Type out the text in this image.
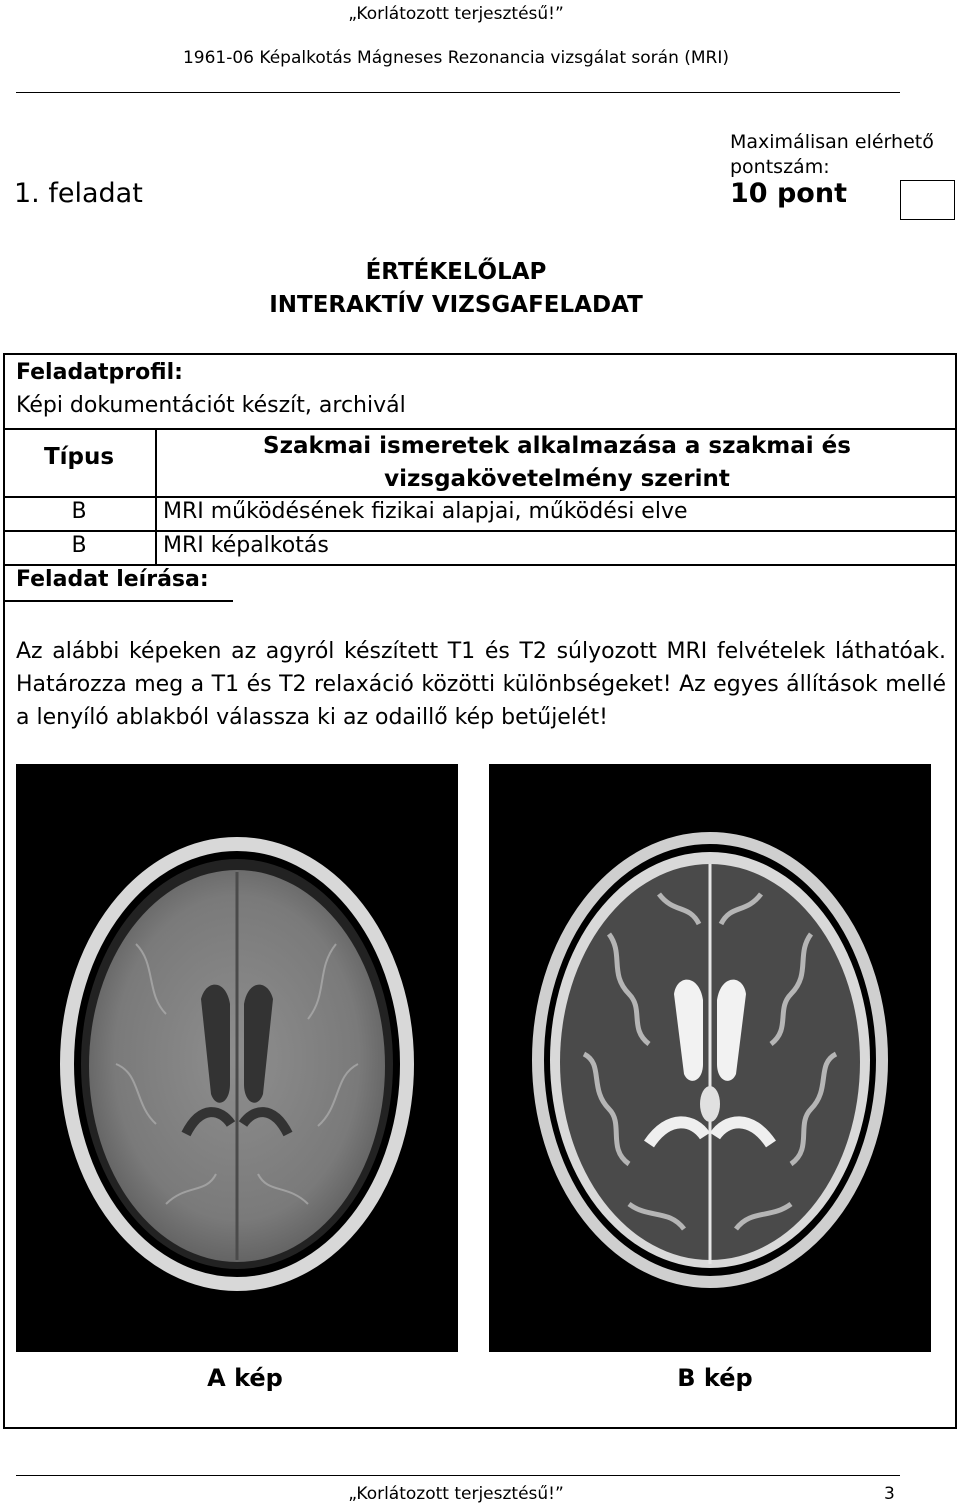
„Korlátozott terjesztésű!”
1961-06 Képalkotás Mágneses Rezonancia vizsgálat során (MRI)
Maximálisan elérhető pontszám:
1. feladat	10 pont
ÉRTÉKELŐLAP
INTERAKTÍV VIZSGAFELADAT
Feladatprofil:
Képi dokumentációt készít, archivál
Típus	Szakmai ismeretek alkalmazása a szakmai és vizsgakövetelmény szerint
B	MRI működésének fizikai alapjai, működési elve
B	MRI képalkotás
Feladat leírása:
Az alábbi képeken az agyról készített T1 és T2 súlyozott MRI felvételek láthatóak. Határozza meg a T1 és T2 relaxáció közötti különbségeket! Az egyes állítások mellé a lenyíló ablakból válassza ki az odaillő kép betűjelét!
A kép	B kép
„Korlátozott terjesztésű!”	3
